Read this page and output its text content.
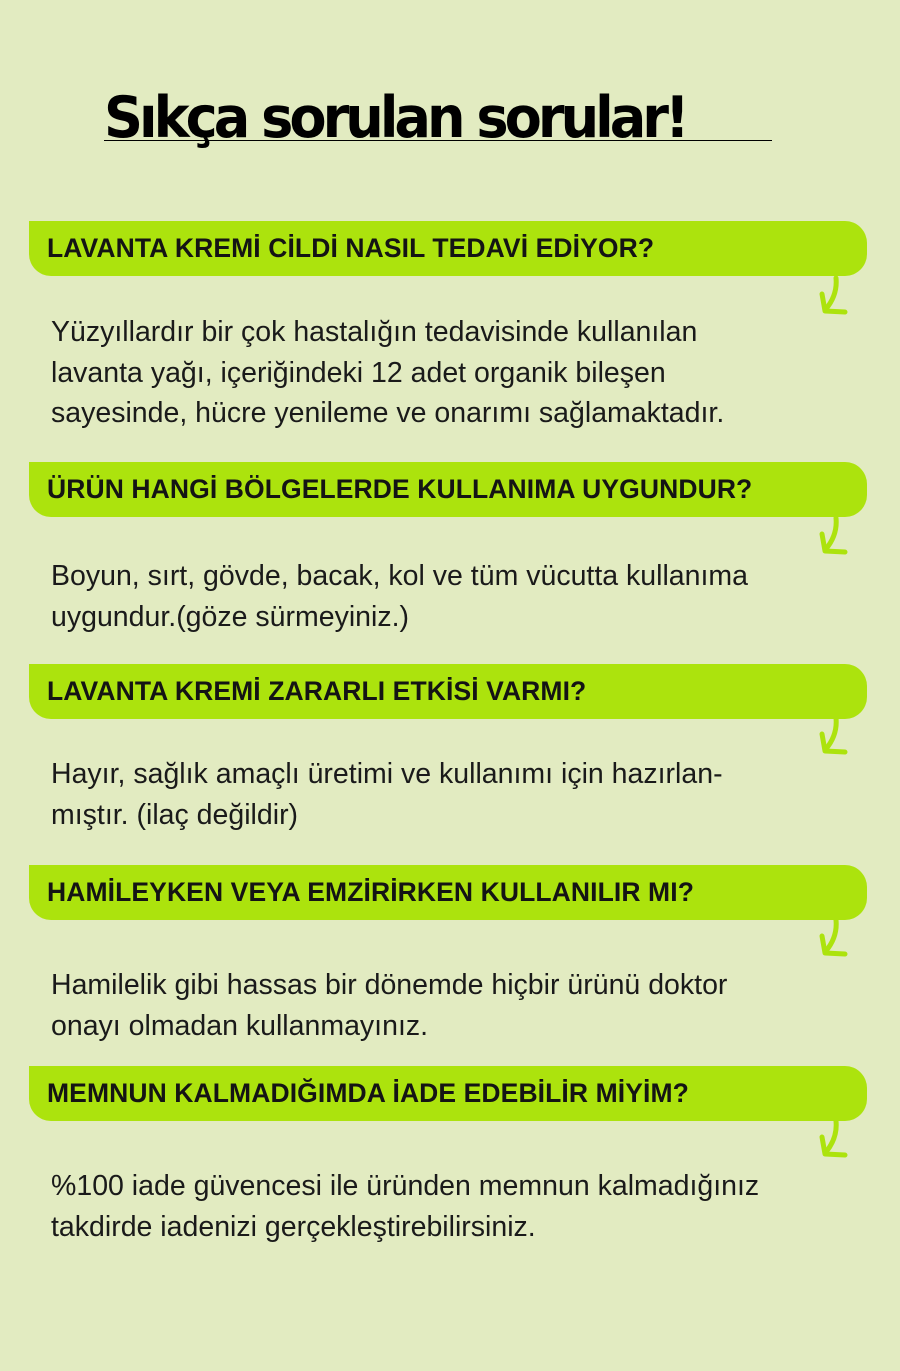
Sıkça sorulan sorular!
LAVANTA KREMİ CİLDİ NASIL TEDAVİ EDİYOR?
Yüzyıllardır bir çok hastalığın tedavisinde kullanılan
lavanta yağı, içeriğindeki 12 adet organik bileşen
sayesinde, hücre yenileme ve onarımı sağlamaktadır.
ÜRÜN HANGİ BÖLGELERDE KULLANIMA UYGUNDUR?
Boyun, sırt, gövde, bacak, kol ve tüm vücutta kullanıma
uygundur.(göze sürmeyiniz.)
LAVANTA KREMİ ZARARLI ETKİSİ VARMI?
Hayır, sağlık amaçlı üretimi ve kullanımı için hazırlan-
mıştır. (ilaç değildir)
HAMİLEYKEN VEYA EMZİRİRKEN KULLANILIR MI?
Hamilelik gibi hassas bir dönemde hiçbir ürünü doktor
onayı olmadan kullanmayınız.
MEMNUN KALMADIĞIMDA İADE EDEBİLİR MİYİM?
%100 iade güvencesi ile üründen memnun kalmadığınız
takdirde iadenizi gerçekleştirebilirsiniz.
